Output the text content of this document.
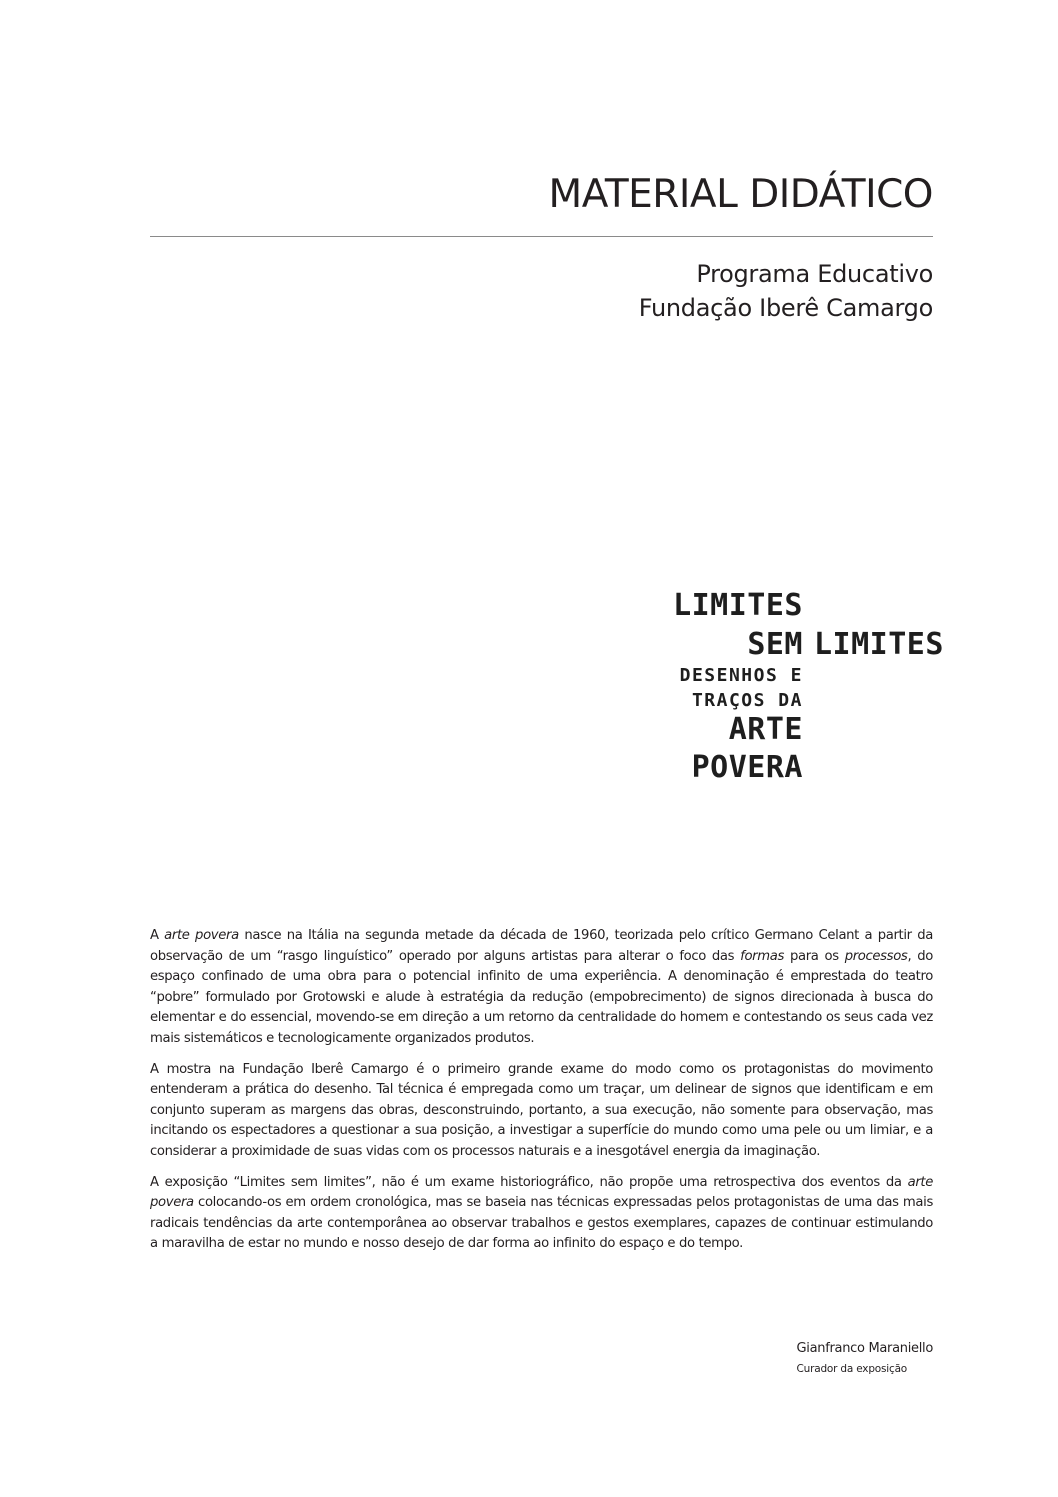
MATERIAL DIDÁTICO
Programa Educativo
Fundação Iberê Camargo
LIMITES
SEM LIMITES
DESENHOS E
TRAÇOS DA
ARTE
POVERA

A arte povera nasce na Itália na segunda metade da década de 1960, teorizada pelo crítico Germano Celant a partir da observação de um “rasgo linguístico” operado por alguns artistas para alterar o foco das formas para os processos, do espaço confinado de uma obra para o potencial infinito de uma experiência. A denominação é emprestada do teatro “pobre” formulado por Grotowski e alude à estratégia da redução (empobrecimento) de signos direcionada à busca do elementar e do essencial, movendo-se em direção a um retorno da centralidade do homem e contestando os seus cada vez mais sistemáticos e tecnologicamente organizados produtos.

A mostra na Fundação Iberê Camargo é o primeiro grande exame do modo como os protagonistas do movimento entenderam a prática do desenho. Tal técnica é empregada como um traçar, um delinear de signos que identificam e em conjunto superam as margens das obras, desconstruindo, portanto, a sua execução, não somente para observação, mas incitando os espectadores a questionar a sua posição, a investigar a superfície do mundo como uma pele ou um limiar, e a considerar a proximidade de suas vidas com os processos naturais e a inesgotável energia da imaginação.

A exposição “Limites sem limites”, não é um exame historiográfico, não propõe uma retrospectiva dos eventos da arte povera colocando-os em ordem cronológica, mas se baseia nas técnicas expressadas pelos protagonistas de uma das mais radicais tendências da arte contemporânea ao observar trabalhos e gestos exemplares, capazes de continuar estimulando a maravilha de estar no mundo e nosso desejo de dar forma ao infinito do espaço e do tempo.

Gianfranco Maraniello
Curador da exposição
